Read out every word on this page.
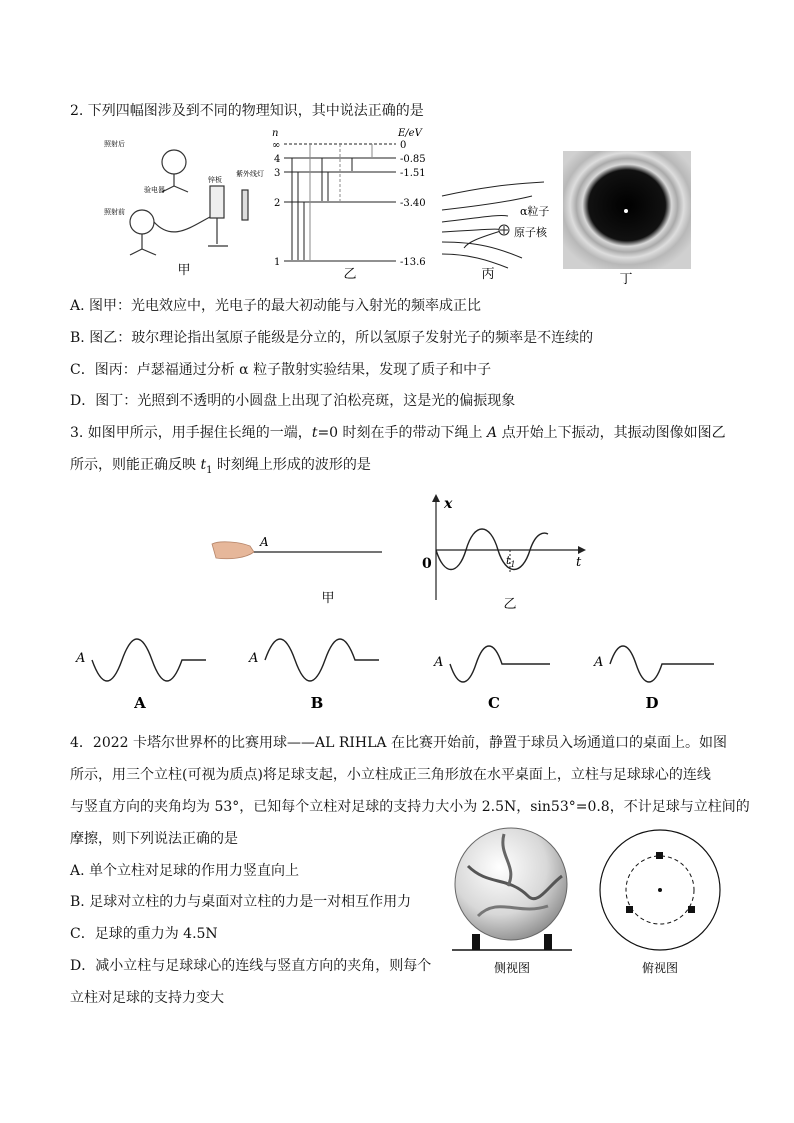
2. 下列四幅图涉及到不同的物理知识，其中说法正确的是
照射后
验电器
照射前
锌板
紫外线灯
甲
n	E/eV
∞
4
3
2
1
0
-0.85
-1.51
-3.40
-13.6
乙
α粒子
原子核
丙	丁
A. 图甲：光电效应中，光电子的最大初动能与入射光的频率成正比
B. 图乙：玻尔理论指出氢原子能级是分立的，所以氢原子发射光子的频率是不连续的
C．图丙：卢瑟福通过分析 α 粒子散射实验结果，发现了质子和中子
D．图丁：光照到不透明的小圆盘上出现了泊松亮斑，这是光的偏振现象
3. 如图甲所示，用手握住长绳的一端，t=0 时刻在手的带动下绳上 A 点开始上下振动，其振动图像如图乙
所示，则能正确反映 $t_1$ 时刻绳上形成的波形的是
A
甲
x
t
0	$t_1$
乙
A
A
A
B
A
C
A
D
4．2022 卡塔尔世界杯的比赛用球——AL RIHLA 在比赛开始前，静置于球员入场通道口的桌面上。如图
所示，用三个立柱(可视为质点)将足球支起，小立柱成正三角形放在水平桌面上，立柱与足球球心的连线
与竖直方向的夹角均为 53°，已知每个立柱对足球的支持力大小为 2.5N，sin53°=0.8，不计足球与立柱间的
摩擦，则下列说法正确的是
A. 单个立柱对足球的作用力竖直向上
B. 足球对立柱的力与桌面对立柱的力是一对相互作用力
C．足球的重力为 4.5N
D．减小立柱与足球球心的连线与竖直方向的夹角，则每个
立柱对足球的支持力变大
侧视图	俯视图
